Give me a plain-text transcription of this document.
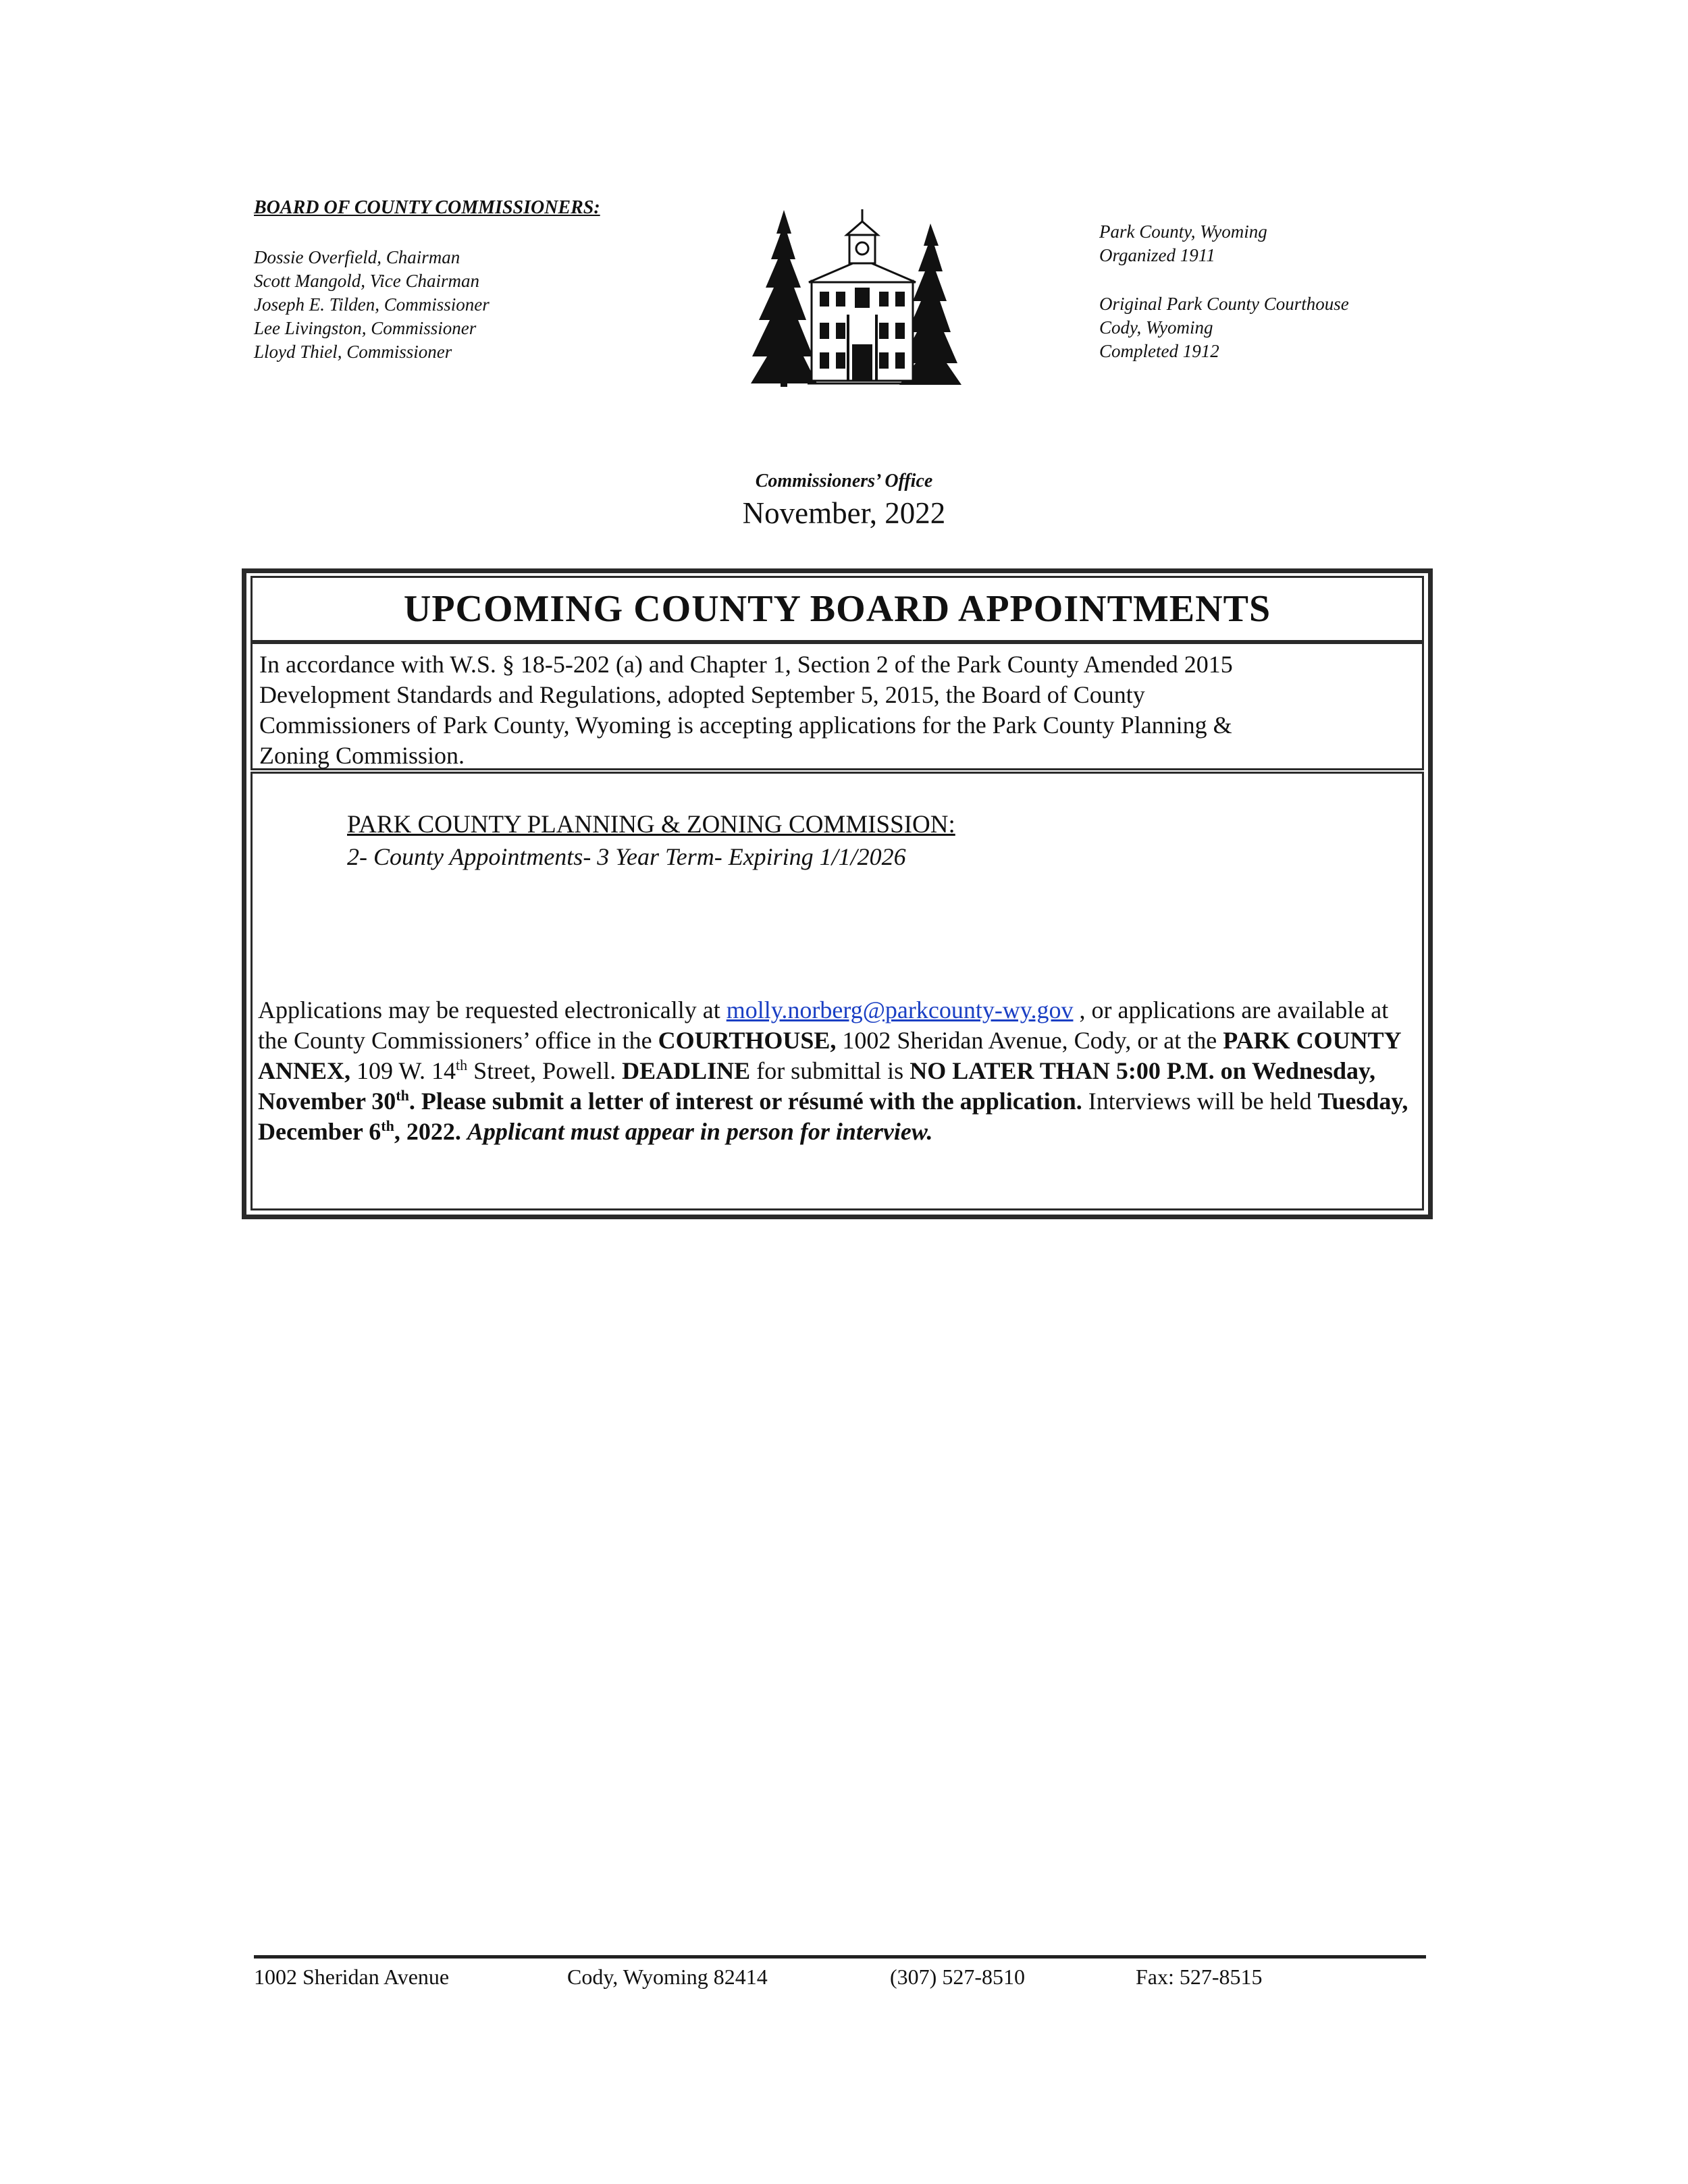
BOARD OF COUNTY COMMISSIONERS:
Dossie Overfield, Chairman
Scott Mangold, Vice Chairman
Joseph E. Tilden, Commissioner
Lee Livingston, Commissioner
Lloyd Thiel, Commissioner
Park County, Wyoming
Organized 1911
Original Park County Courthouse
Cody, Wyoming
Completed 1912
Commissioners’ Office
November, 2022
UPCOMING COUNTY BOARD APPOINTMENTS
In accordance with W.S. § 18-5-202 (a) and Chapter 1, Section 2 of the Park County Amended 2015
Development Standards and Regulations, adopted September 5, 2015, the Board of County
Commissioners of Park County, Wyoming is accepting applications for the Park County Planning &
Zoning Commission.
PARK COUNTY PLANNING & ZONING COMMISSION:
2- County Appointments- 3 Year Term- Expiring 1/1/2026
Applications may be requested electronically at molly.norberg@parkcounty-wy.gov , or applications are available at the County Commissioners’ office in the COURTHOUSE, 1002 Sheridan Avenue, Cody, or at the PARK COUNTY ANNEX, 109 W. 14th Street, Powell. DEADLINE for submittal is NO LATER THAN 5:00 P.M. on Wednesday, November 30th. Please submit a letter of interest or résumé with the application. Interviews will be held Tuesday, December 6th, 2022. Applicant must appear in person for interview.
1002 Sheridan Avenue	Cody, Wyoming 82414	(307) 527-8510	Fax: 527-8515
